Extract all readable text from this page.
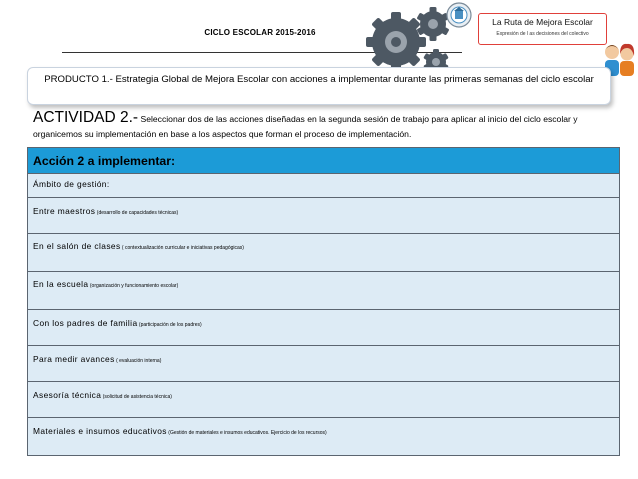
CICLO ESCOLAR 2015-2016
La Ruta de Mejora Escolar
Expresión de l as decisiones del colectivo
PRODUCTO 1.- Estrategia Global de Mejora Escolar con acciones a implementar durante las primeras semanas del ciclo escolar
ACTIVIDAD 2.- Seleccionar dos de las acciones diseñadas en la segunda sesión de trabajo para aplicar al inicio del ciclo escolar y organicemos su implementación en base a los aspectos que forman el proceso de implementación.
Acción 2 a implementar:
Ámbito de gestión:
Entre maestros (desarrollo de capacidades técnicas)
En el salón de clases ( contextualización curricular e iniciativas pedagógicas)
En la escuela (organización y funcionamiento escolar)
Con los padres de familia (participación de los padres)
Para medir avances ( evaluación interna)
Asesoría técnica (solicitud de asistencia técnica)
Materiales e insumos educativos (Gestión de materiales e insumos educativos. Ejercicio de los recursos)
